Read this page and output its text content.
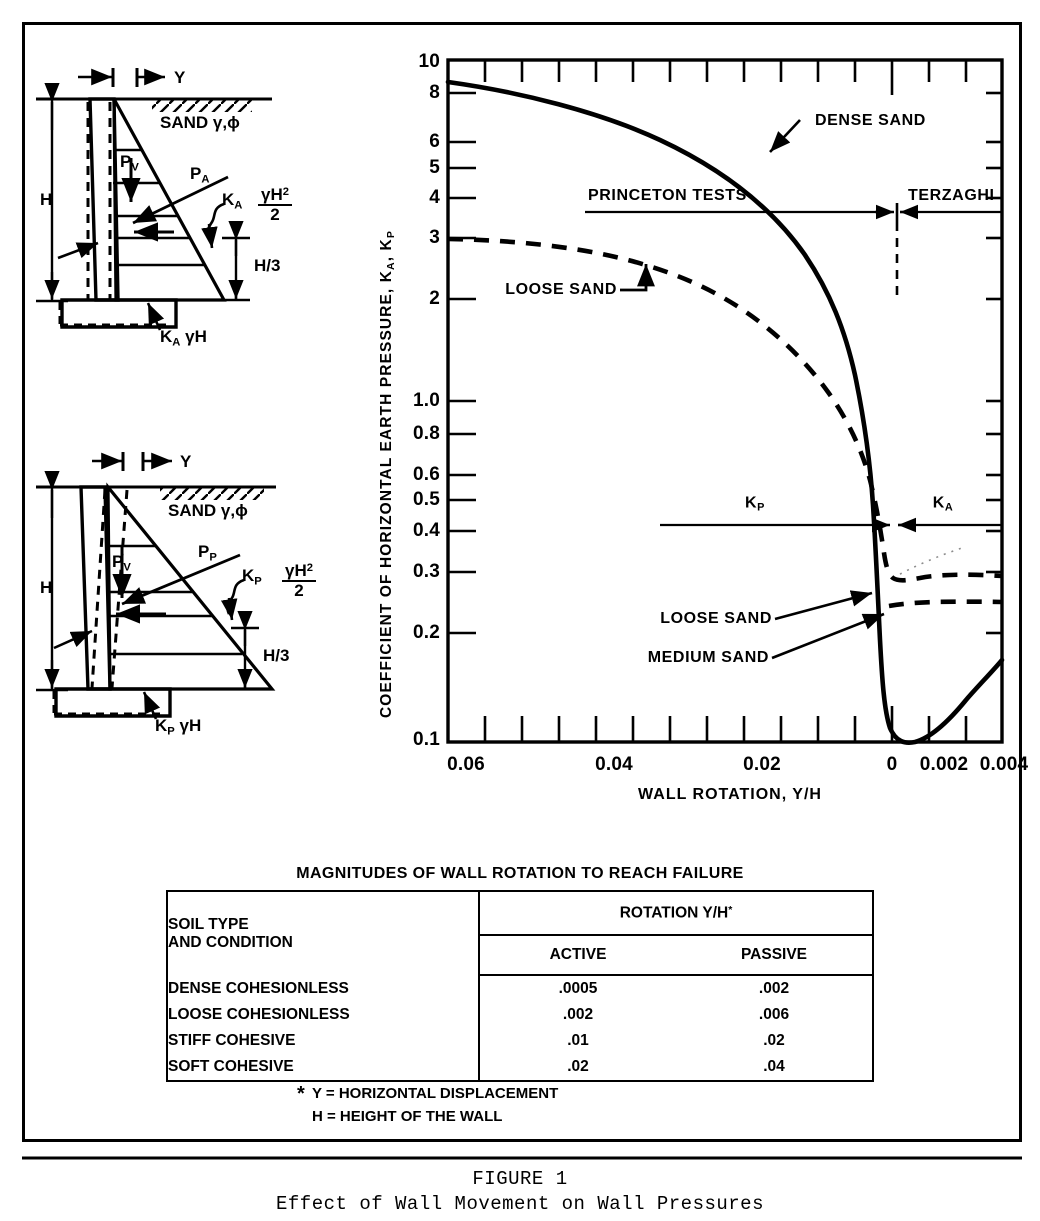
Y
SAND γ,ϕ
$P_V$	$P_A$
$K_A \frac{\gamma H^2}{2}$
H
H/3
$K_A$ γH
Y
SAND γ,ϕ
$P_V$
$P_P$
$K_P \frac{\gamma H^2}{2}$
H
H/3
$K_P$ γH
10
8
6
5
4
3
2
1.0
0.8
0.6
0.5
0.4
0.3
0.2
0.1
0.06	0.04	0.02	0 0.002 0.004
WALL ROTATION, Y/H
COEFFICIENT OF HORIZONTAL EARTH PRESSURE, $K_A$, $K_P$
DENSE SAND
LOOSE SAND
LOOSE SAND
MEDIUM SAND
PRINCETON TESTS	TERZAGHI
$K_P$	$K_A$
MAGNITUDES OF WALL ROTATION TO REACH FAILURE
SOIL TYPE
AND CONDITION	ROTATION Y/H*
	ACTIVE	PASSIVE
DENSE COHESIONLESS	.0005	.002
LOOSE COHESIONLESS	.002	.006
STIFF COHESIVE	.01	.02
SOFT COHESIVE	.02	.04
* Y = HORIZONTAL DISPLACEMENT
H = HEIGHT OF THE WALL
FIGURE 1
Effect of Wall Movement on Wall Pressures
